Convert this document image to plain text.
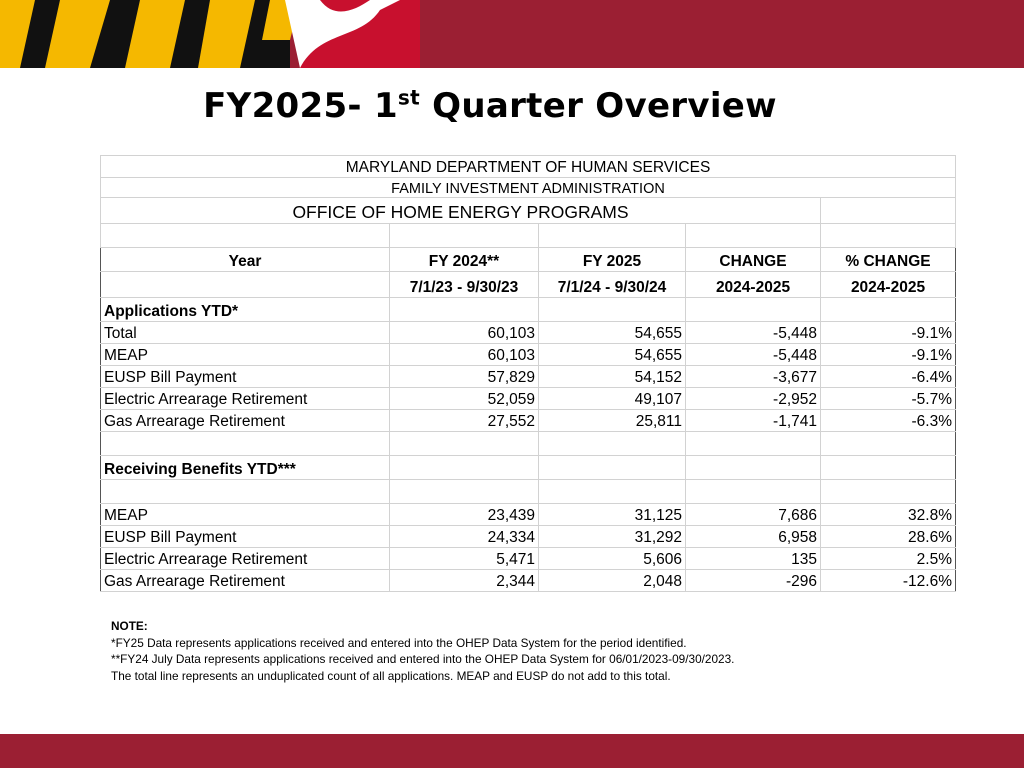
FY2025- 1st Quarter Overview
MARYLAND DEPARTMENT OF HUMAN SERVICES				
FAMILY INVESTMENT ADMINISTRATION				
OFFICE OF HOME ENERGY PROGRAMS				

Year	FY 2024**	FY 2025	CHANGE	% CHANGE
	7/1/23 - 9/30/23	7/1/24 - 9/30/24	2024-2025	2024-2025
Applications YTD*				
Total	60,103	54,655	-5,448	-9.1%
MEAP	60,103	54,655	-5,448	-9.1%
EUSP Bill Payment	57,829	54,152	-3,677	-6.4%
Electric Arrearage Retirement	52,059	49,107	-2,952	-5.7%
Gas Arrearage Retirement	27,552	25,811	-1,741	-6.3%

Receiving Benefits YTD***				

MEAP	23,439	31,125	7,686	32.8%
EUSP Bill Payment	24,334	31,292	6,958	28.6%
Electric Arrearage Retirement	5,471	5,606	135	2.5%
Gas Arrearage Retirement	2,344	2,048	-296	-12.6%
NOTE:
*FY25 Data represents applications received and entered into the OHEP Data System for the period identified.
**FY24 July Data represents applications received and entered into the OHEP Data System for 06/01/2023-09/30/2023.
The total line represents an unduplicated count of all applications. MEAP and EUSP do not add to this total.
